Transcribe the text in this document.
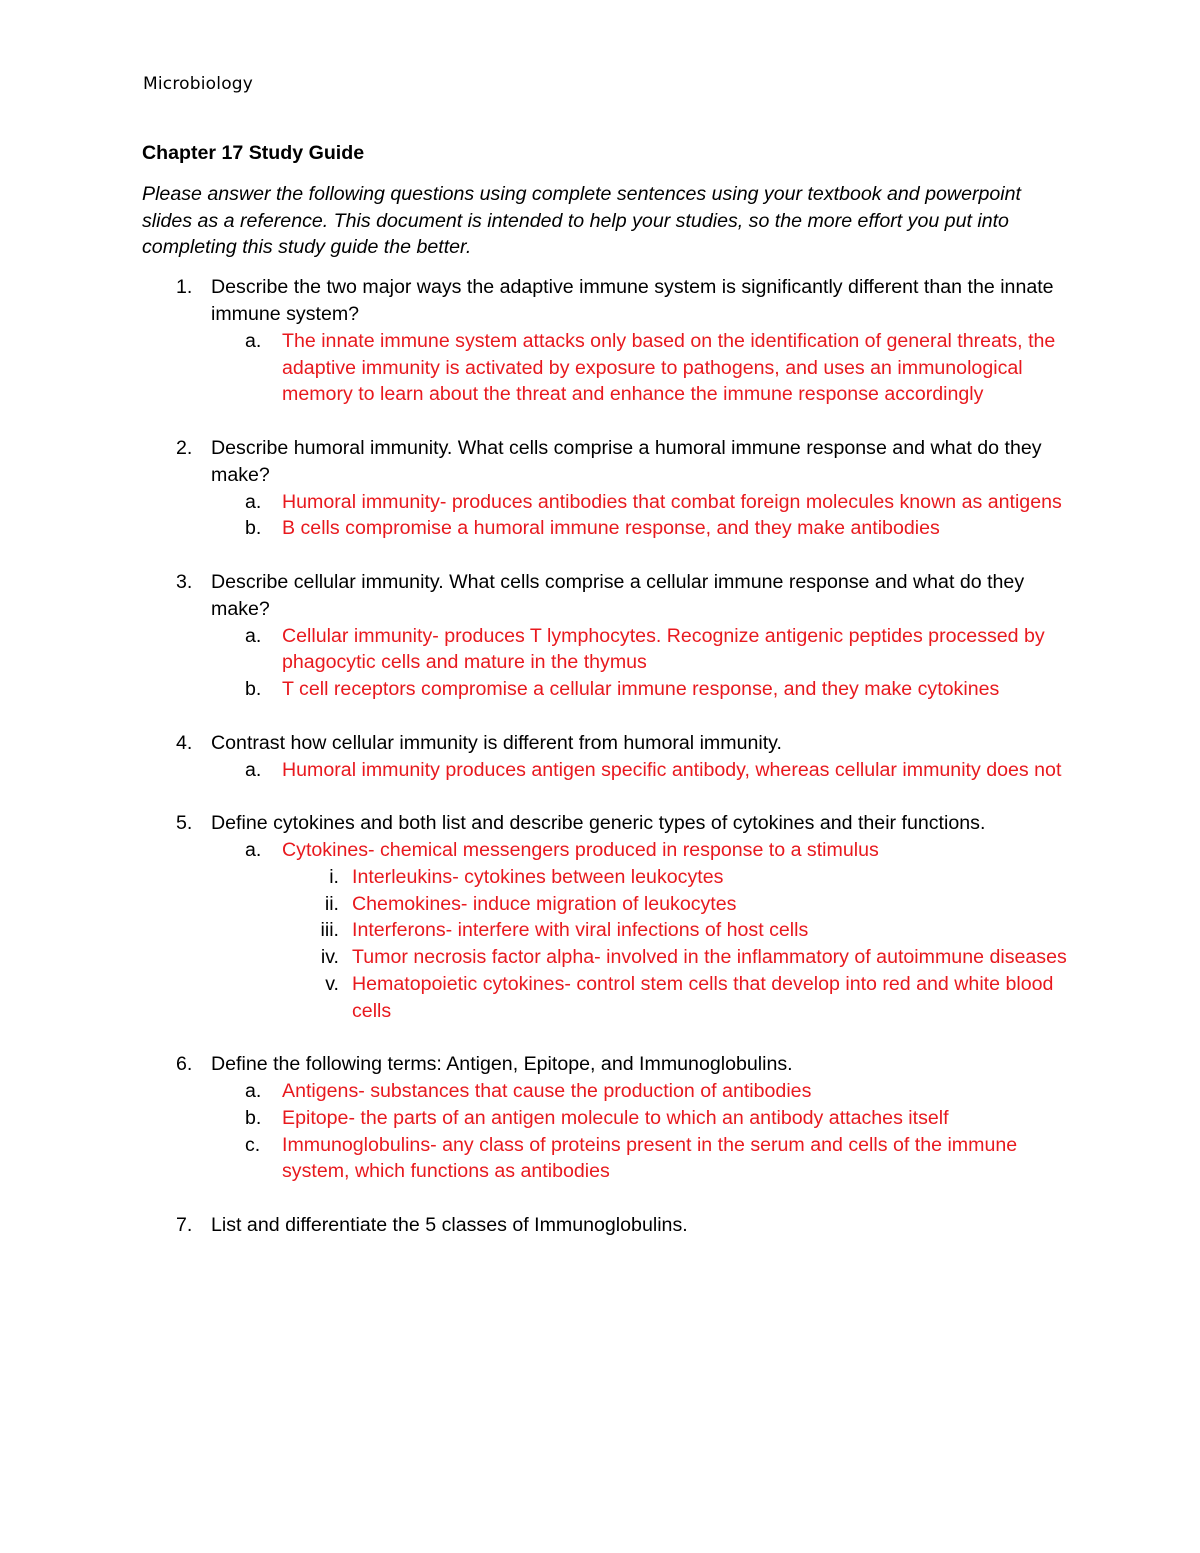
Microbiology
Chapter 17 Study Guide
Please answer the following questions using complete sentences using your textbook and powerpoint slides as a reference. This document is intended to help your studies, so the more effort you put into completing this study guide the better.
1. Describe the two major ways the adaptive immune system is significantly different than the innate immune system?
a. The innate immune system attacks only based on the identification of general threats, the adaptive immunity is activated by exposure to pathogens, and uses an immunological memory to learn about the threat and enhance the immune response accordingly
2. Describe humoral immunity. What cells comprise a humoral immune response and what do they make?
a. Humoral immunity- produces antibodies that combat foreign molecules known as antigens
b. B cells compromise a humoral immune response, and they make antibodies
3. Describe cellular immunity. What cells comprise a cellular immune response and what do they make?
a. Cellular immunity- produces T lymphocytes. Recognize antigenic peptides processed by phagocytic cells and mature in the thymus
b. T cell receptors compromise a cellular immune response, and they make cytokines
4. Contrast how cellular immunity is different from humoral immunity.
a. Humoral immunity produces antigen specific antibody, whereas cellular immunity does not
5. Define cytokines and both list and describe generic types of cytokines and their functions.
a. Cytokines- chemical messengers produced in response to a stimulus
i. Interleukins- cytokines between leukocytes
ii. Chemokines- induce migration of leukocytes
iii. Interferons- interfere with viral infections of host cells
iv. Tumor necrosis factor alpha- involved in the inflammatory of autoimmune diseases
v. Hematopoietic cytokines- control stem cells that develop into red and white blood cells
6. Define the following terms: Antigen, Epitope, and Immunoglobulins.
a. Antigens- substances that cause the production of antibodies
b. Epitope- the parts of an antigen molecule to which an antibody attaches itself
c. Immunoglobulins- any class of proteins present in the serum and cells of the immune system, which functions as antibodies
7. List and differentiate the 5 classes of Immunoglobulins.
